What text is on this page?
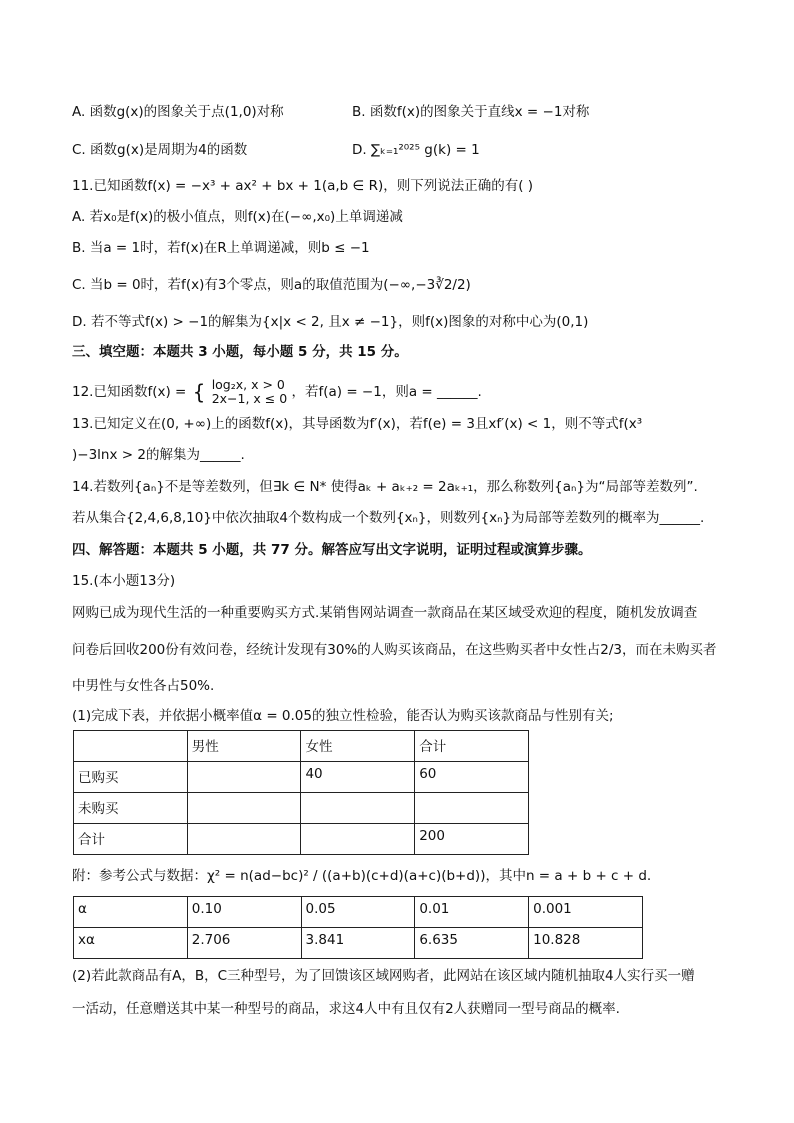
A. 函数g(x)的图象关于点(1,0)对称	B. 函数f(x)的图象关于直线x = −1对称
C. 函数g(x)是周期为4的函数	D. ∑ₖ₌₁²⁰²⁵ g(k) = 1
11.已知函数f(x) = −x³ + ax² + bx + 1(a,b ∈ R)，则下列说法正确的有( )
A. 若x₀是f(x)的极小值点，则f(x)在(−∞,x₀)上单调递减
B. 当a = 1时，若f(x)在R上单调递减，则b ≤ −1
C. 当b = 0时，若f(x)有3个零点，则a的取值范围为(−∞,−3∛2/2)
D. 若不等式f(x) > −1的解集为{x|x < 2, 且x ≠ −1}，则f(x)图象的对称中心为(0,1)
三、填空题：本题共 3 小题，每小题 5 分，共 15 分。
12.已知函数f(x) = { log₂x, x > 0
2x−1, x ≤ 0 ，若f(a) = −1，则a = ______.
13.已知定义在(0, +∞)上的函数f(x)，其导函数为f′(x)，若f(e) = 3且xf′(x) < 1，则不等式f(x³
)−3lnx > 2的解集为______.
14.若数列{aₙ}不是等差数列，但∃k ∈ N* 使得aₖ + aₖ₊₂ = 2aₖ₊₁，那么称数列{aₙ}为“局部等差数列”.
若从集合{2,4,6,8,10}中依次抽取4个数构成一个数列{xₙ}，则数列{xₙ}为局部等差数列的概率为______.
四、解答题：本题共 5 小题，共 77 分。解答应写出文字说明，证明过程或演算步骤。
15.(本小题13分)
网购已成为现代生活的一种重要购买方式.某销售网站调查一款商品在某区域受欢迎的程度，随机发放调查
问卷后回收200份有效问卷，经统计发现有30%的人购买该商品，在这些购买者中女性占2/3，而在未购买者
中男性与女性各占50%.
(1)完成下表，并依据小概率值α = 0.05的独立性检验，能否认为购买该款商品与性别有关;
	男性	女性	合计
已购买		40	60
未购买			
合计			200
附：参考公式与数据：χ² = n(ad−bc)² / ((a+b)(c+d)(a+c)(b+d))，其中n = a + b + c + d.
α	0.10	0.05	0.01	0.001
xα	2.706	3.841	6.635	10.828
(2)若此款商品有A，B，C三种型号，为了回馈该区域网购者，此网站在该区域内随机抽取4人实行买一赠
一活动，任意赠送其中某一种型号的商品，求这4人中有且仅有2人获赠同一型号商品的概率.
